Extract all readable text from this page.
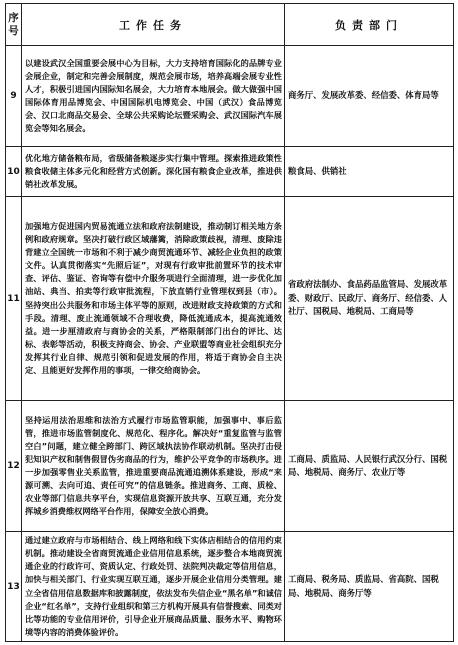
序号	工作任务	负责部门
9	以建设武汉全国重要会展中心为目标，大力支持培育国际化的品牌专业会展企业，制定和完善会展制度，规范会展市场，培养高端会展专业性人才，积极引进国内国际知名展会，大力培育本地展会。做大做强中国国际体育用品博览会、中国国际机电博览会、中国（武汉）食品博览会、汉口北商品交易会、全球公共采购论坛暨采购会、武汉国际汽车展览会等知名展会。	商务厅、发展改革委、经信委、体育局等
10	优化地方储备粮布局，省级储备粮逐步实行集中管理。探索推进政策性粮食收储主体多元化和经营方式创新。深化国有粮食企业改革，推进供销社改革发展。	粮食局、供销社
11	加强地方促进国内贸易流通立法和政府法制建设，推动制订相关地方条例和政府规章。坚决打破行政区域藩篱，消除政策歧视，清理、废除违背建立全国统一市场和不利于减少商贸流通环节、减轻企业负担的政策文件。认真贯彻落实“先照后证”，对现有行政审批前置环节的技术审查、评估、鉴证、咨询等有偿中介服务项进行全面清理，进一步优化加油站、典当、拍卖等行政审批流程，下放直销行业管理权到县（市）。坚持突出公共服务和市场主体平等的原则，改进财政支持政策的方式和手段。清理、废止流通领域不合理收费，降低流通成本，提高流通效益。进一步厘清政府与商协会的关系，严格限制部门出台的评比、达标、表彰等活动，积极支持商会、协会、产业联盟等商业社会组织充分发挥其行业自律、规范引领和促进发展的作用，将适于商协会自主决定、且能更好发挥作用的事项，一律交给商协会。	省政府法制办、食品药品监管局、发展改革委、财政厅、民政厅、商务厅、经信委、人社厅、国税局、地税局、工商局等
12	坚持运用法治思维和法治方式履行市场监管职能，加强事中、事后监管，推进市场监管制度化、规范化、程序化。解决好“重复监管与监管空白”问题，建立健全跨部门、跨区域执法协作联动机制。坚决打击侵犯知识产权和制售假冒伪劣商品的行为，维护公平竞争的市场秩序。进一步加强零售业关系监管，推进重要商品流通追溯体系建设，形成“来源可溯、去向可追、责任可究”的信息链条。推进商务、工商、质检、农业等部门信息共享平台，实现信息资源开放共享、互联互通，充分发挥城乡消费维权网络平台作用，保障安全放心消费。	工商局、质监局、人民银行武汉分行、国税局、地税局、商务厅、农业厅等
13	通过建立政府与市场相结合、线上网络和线下实体店相结合的信用约束机制。推动建设全省商贸流通企业信用信息系统，逐步整合本地商贸流通企业的行政许可、资质认定、行政处罚、法院判决裁定等信用信息，加快与相关部门、行业实现互联互通，逐步开展企业信用分类管理。建立全省信用信息数据库和披露制度，依法发布失信企业“黑名单”和诚信企业“红名单”，支持行业组织和第三方机构开展具有信誉搜索、同类对比等功能的专业信用评价，引导企业开展商品质量、服务水平、购物环境等内容的消费体验评价。	工商局、税务局、质监局、省高院、国税局、地税局、商务厅等
